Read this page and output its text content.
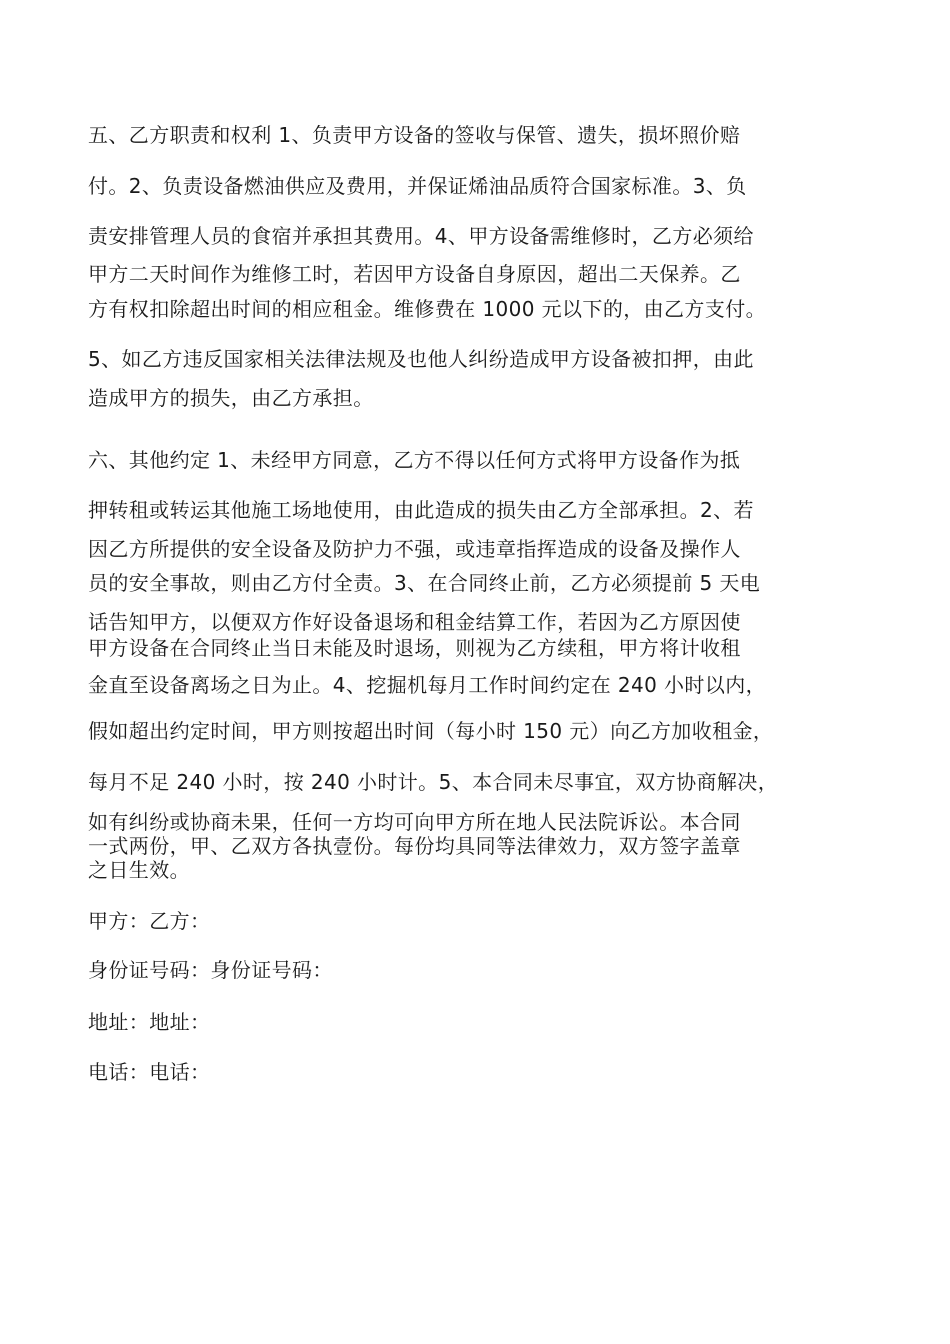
五、乙方职责和权利 1、负责甲方设备的签收与保管、遗失，损坏照价赔
付。2、负责设备燃油供应及费用，并保证烯油品质符合国家标准。3、负
责安排管理人员的食宿并承担其费用。4、甲方设备需维修时，乙方必须给
甲方二天时间作为维修工时，若因甲方设备自身原因，超出二天保养。乙
方有权扣除超出时间的相应租金。维修费在 1000 元以下的，由乙方支付。
5、如乙方违反国家相关法律法规及也他人纠纷造成甲方设备被扣押，由此
造成甲方的损失，由乙方承担。
六、其他约定 1、未经甲方同意，乙方不得以任何方式将甲方设备作为抵
押转租或转运其他施工场地使用，由此造成的损失由乙方全部承担。2、若
因乙方所提供的安全设备及防护力不强，或违章指挥造成的设备及操作人
员的安全事故，则由乙方付全责。3、在合同终止前，乙方必须提前 5 天电
话告知甲方，以便双方作好设备退场和租金结算工作，若因为乙方原因使
甲方设备在合同终止当日未能及时退场，则视为乙方续租，甲方将计收租
金直至设备离场之日为止。4、挖掘机每月工作时间约定在 240 小时以内，
假如超出约定时间，甲方则按超出时间（每小时 150 元）向乙方加收租金，
每月不足 240 小时，按 240 小时计。5、本合同未尽事宜，双方协商解决，
如有纠纷或协商未果，任何一方均可向甲方所在地人民法院诉讼。本合同
一式两份，甲、乙双方各执壹份。每份均具同等法律效力，双方签字盖章
之日生效。
甲方：乙方：
身份证号码：身份证号码：
地址：地址：
电话：电话：
